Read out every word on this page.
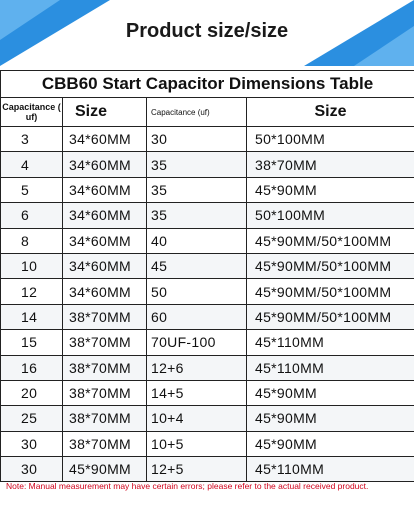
Product size/size
CBB60 Start Capacitor Dimensions Table			
Capacitance ( uf)	Size	Capacitance (uf)	Size
3	34*60MM	30	50*100MM
4	34*60MM	35	38*70MM
5	34*60MM	35	45*90MM
6	34*60MM	35	50*100MM
8	34*60MM	40	45*90MM/50*100MM
10	34*60MM	45	45*90MM/50*100MM
12	34*60MM	50	45*90MM/50*100MM
14	38*70MM	60	45*90MM/50*100MM
15	38*70MM	70UF-100	45*110MM
16	38*70MM	12+6	45*110MM
20	38*70MM	14+5	45*90MM
25	38*70MM	10+4	45*90MM
30	38*70MM	10+5	45*90MM
30	45*90MM	12+5	45*110MM
Note: Manual measurement may have certain errors; please refer to the actual received product.
